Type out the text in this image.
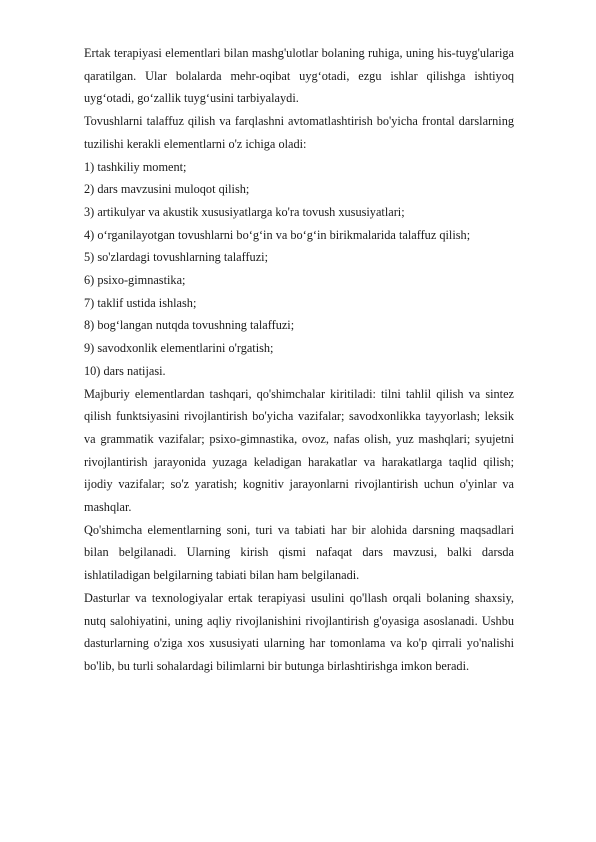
Ertak terapiyasi elementlari bilan mashg'ulotlar bolaning ruhiga, uning his-tuyg'ulariga qaratilgan. Ular bolalarda mehr-oqibat uyg‘otadi, ezgu ishlar qilishga ishtiyoq uyg‘otadi, go‘zallik tuyg‘usini tarbiyalaydi.

Tovushlarni talaffuz qilish va farqlashni avtomatlashtirish bo'yicha frontal darslarning tuzilishi kerakli elementlarni o'z ichiga oladi:

1) tashkiliy moment;
2) dars mavzusini muloqot qilish;
3) artikulyar va akustik xususiyatlarga ko'ra tovush xususiyatlari;
4) o‘rganilayotgan tovushlarni bo‘g‘in va bo‘g‘in birikmalarida talaffuz qilish;
5) so'zlardagi tovushlarning talaffuzi;
6) psixo-gimnastika;
7) taklif ustida ishlash;
8) bog‘langan nutqda tovushning talaffuzi;
9) savodxonlik elementlarini o'rgatish;
10) dars natijasi.

Majburiy elementlardan tashqari, qo'shimchalar kiritiladi: tilni tahlil qilish va sintez qilish funktsiyasini rivojlantirish bo'yicha vazifalar; savodxonlikka tayyorlash; leksik va grammatik vazifalar; psixo-gimnastika, ovoz, nafas olish, yuz mashqlari; syujetni rivojlantirish jarayonida yuzaga keladigan harakatlar va harakatlarga taqlid qilish; ijodiy vazifalar; so'z yaratish; kognitiv jarayonlarni rivojlantirish uchun o'yinlar va mashqlar.

Qo'shimcha elementlarning soni, turi va tabiati har bir alohida darsning maqsadlari bilan belgilanadi. Ularning kirish qismi nafaqat dars mavzusi, balki darsda ishlatiladigan belgilarning tabiati bilan ham belgilanadi.

Dasturlar va texnologiyalar ertak terapiyasi usulini qo'llash orqali bolaning shaxsiy, nutq salohiyatini, uning aqliy rivojlanishini rivojlantirish g'oyasiga asoslanadi. Ushbu dasturlarning o'ziga xos xususiyati ularning har tomonlama va ko'p qirrali yo'nalishi bo'lib, bu turli sohalardagi bilimlarni bir butunga birlashtirishga imkon beradi.
